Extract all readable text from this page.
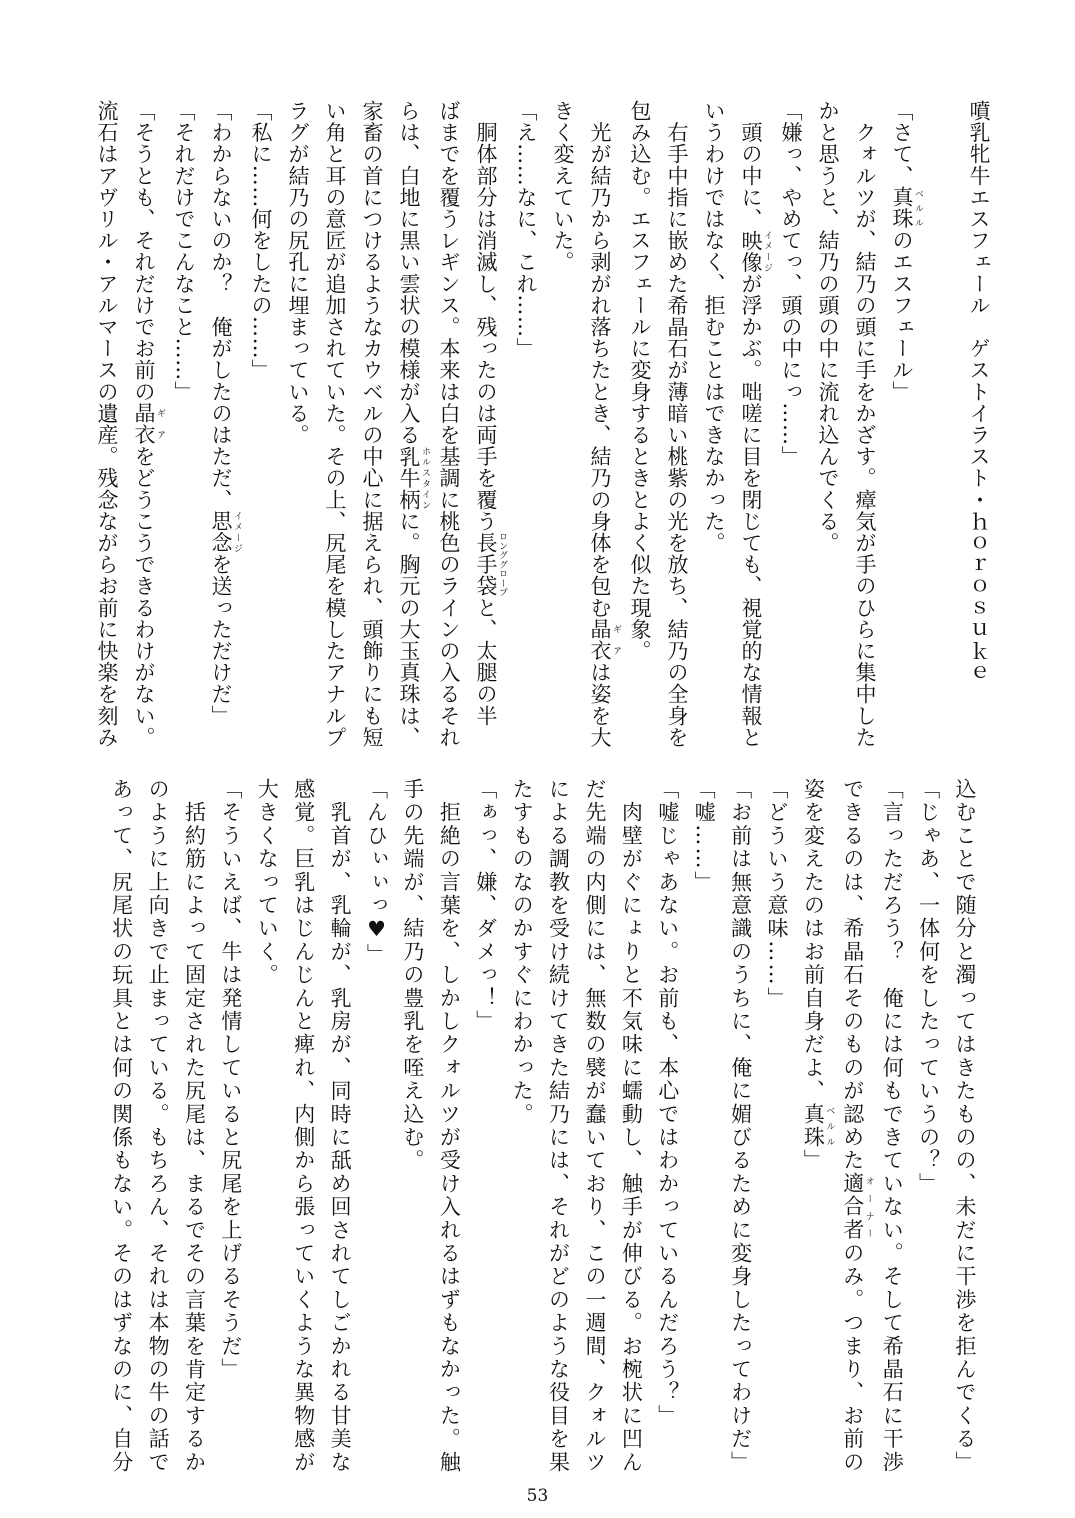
噴乳牝牛エスフェール　ゲストイラスト・ｈｏｒｏｓｕｋｅ

「さて、真珠 ベルルのエスフェール」
　クォルツが、結乃の頭に手をかざす。瘴気が手のひらに集中した
かと思うと、結乃の頭の中に流れ込んでくる。
「嫌っ、やめてっ、頭の中にっ……」
　頭の中に、映像 イメージが浮かぶ。咄嗟に目を閉じても、視覚的な情報と
いうわけではなく、拒むことはできなかった。
　右手中指に嵌めた希晶石が薄暗い桃紫の光を放ち、結乃の全身を
包み込む。エスフェールに変身するときとよく似た現象。
　光が結乃から剥がれ落ちたとき、結乃の身体を包む晶衣 ギアは姿を大
きく変えていた。
「え……なに、これ……」
　胴体部分は消滅し、残ったのは両手を覆う長手袋 ロンググローブと、太腿の半
ばまでを覆うレギンス。本来は白を基調に桃色のラインの入るそれ
らは、白地に黒い雲状の模様が入る乳牛柄 ホルスタインに。胸元の大玉真珠は、
家畜の首につけるようなカウベルの中心に据えられ、頭飾りにも短
い角と耳の意匠が追加されていた。その上、尻尾を模したアナルプ
ラグが結乃の尻孔に埋まっている。
「私に……何をしたの……」
「わからないのか？　俺がしたのはただ、思念 イメージを送っただけだ」
「それだけでこんなこと……」
「そうとも、それだけでお前の晶衣 ギアをどうこうできるわけがない。
流石はアヴリル・アルマースの遺産。残念ながらお前に快楽を刻み
込むことで随分と濁ってはきたものの、未だに干渉を拒んでくる」
「じゃあ、一体何をしたっていうの？」
「言っただろう？　俺には何もできていない。そして希晶石に干渉
できるのは、希晶石そのものが認めた適合者 オーナーのみ。つまり、お前の
姿を変えたのはお前自身だよ、真珠 ベルル」
「どういう意味……」
「お前は無意識のうちに、俺に媚びるために変身したってわけだ」
「嘘……」
「嘘じゃあない。お前も、本心ではわかっているんだろう？」
　肉壁がぐにょりと不気味に蠕動し、触手が伸びる。お椀状に凹ん
だ先端の内側には、無数の襞が蠢いており、この一週間、クォルツ
による調教を受け続けてきた結乃には、それがどのような役目を果
たすものなのかすぐにわかった。
「ぁっ、嫌、ダメっ！」
　拒絶の言葉を、しかしクォルツが受け入れるはずもなかった。触
手の先端が、結乃の豊乳を咥え込む。
「んひぃぃっ♥」
　乳首が、乳輪が、乳房が、同時に舐め回されてしごかれる甘美な
感覚。巨乳はじんじんと痺れ、内側から張っていくような異物感が
大きくなっていく。
「そういえば、牛は発情していると尻尾を上げるそうだ」
　括約筋によって固定された尻尾は、まるでその言葉を肯定するか
のように上向きで止まっている。もちろん、それは本物の牛の話で
あって、尻尾状の玩具とは何の関係もない。そのはずなのに、自分
53
